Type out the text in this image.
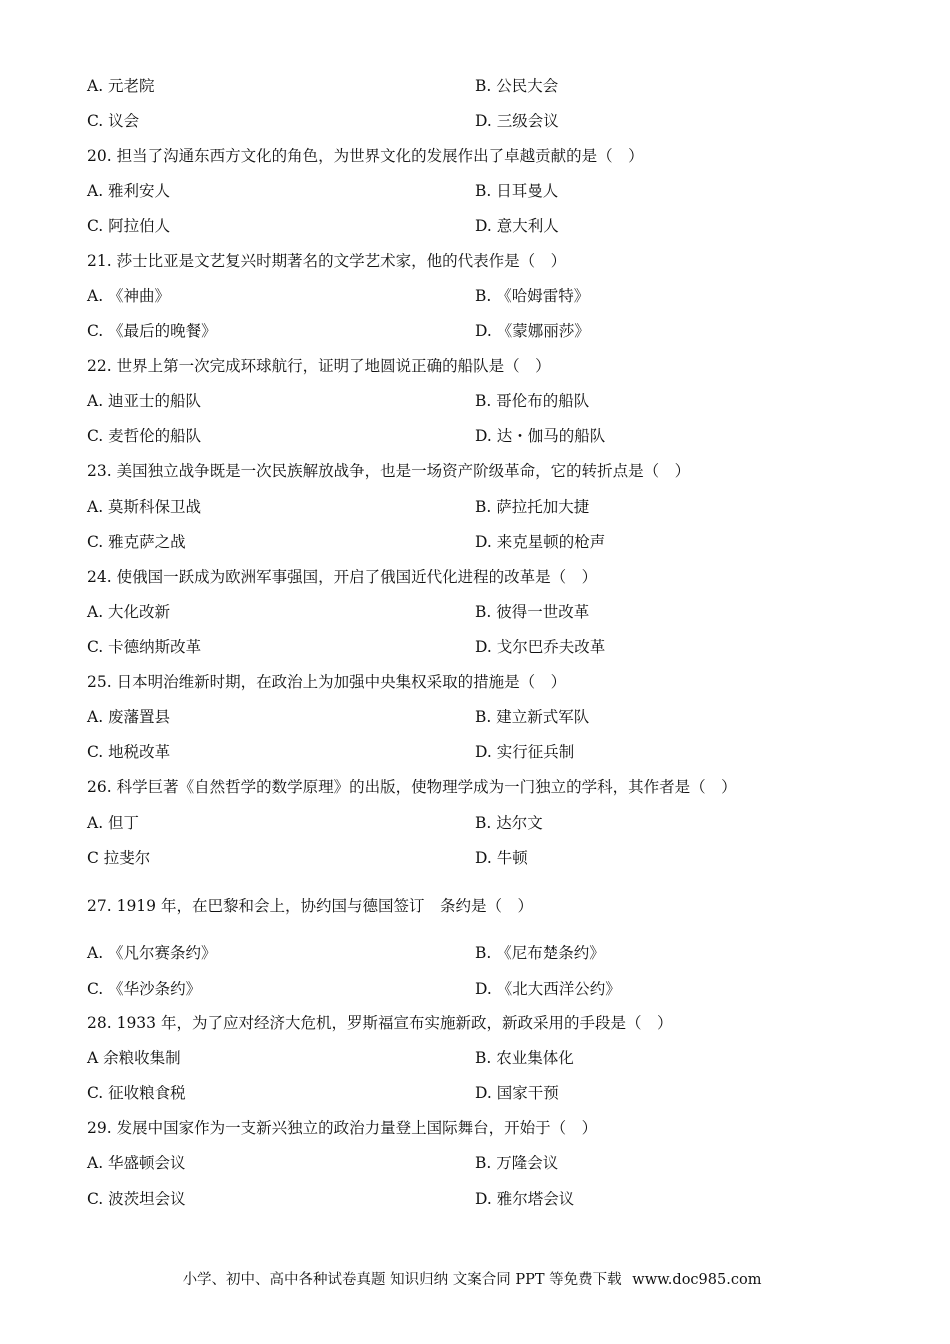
A. 元老院	B. 公民大会
C. 议会	D. 三级会议
20. 担当了沟通东西方文化的角色，为世界文化的发展作出了卓越贡献的是（　）
A. 雅利安人	B. 日耳曼人
C. 阿拉伯人	D. 意大利人
21. 莎士比亚是文艺复兴时期著名的文学艺术家，他的代表作是（　）
A. 《神曲》	B. 《哈姆雷特》
C. 《最后的晚餐》	D. 《蒙娜丽莎》
22. 世界上第一次完成环球航行，证明了地圆说正确的船队是（　）
A. 迪亚士的船队	B. 哥伦布的船队
C. 麦哲伦的船队	D. 达・伽马的船队
23. 美国独立战争既是一次民族解放战争，也是一场资产阶级革命，它的转折点是（　）
A. 莫斯科保卫战	B. 萨拉托加大捷
C. 雅克萨之战	D. 来克星顿的枪声
24. 使俄国一跃成为欧洲军事强国，开启了俄国近代化进程的改革是（　）
A. 大化改新	B. 彼得一世改革
C. 卡德纳斯改革	D. 戈尔巴乔夫改革
25. 日本明治维新时期，在政治上为加强中央集权采取的措施是（　）
A. 废藩置县	B. 建立新式军队
C. 地税改革	D. 实行征兵制
26. 科学巨著《自然哲学的数学原理》的出版，使物理学成为一门独立的学科，其作者是（　）
A. 但丁	B. 达尔文
C 拉斐尔	D. 牛顿
27. 1919 年，在巴黎和会上，协约国与德国签订　条约是（　）
A. 《凡尔赛条约》	B. 《尼布楚条约》
C. 《华沙条约》	D. 《北大西洋公约》
28. 1933 年，为了应对经济大危机，罗斯福宣布实施新政，新政采用的手段是（　）
A 余粮收集制	B. 农业集体化
C. 征收粮食税	D. 国家干预
29. 发展中国家作为一支新兴独立的政治力量登上国际舞台，开始于（　）
A. 华盛顿会议	B. 万隆会议
C. 波茨坦会议	D. 雅尔塔会议
小学、初中、高中各种试卷真题 知识归纳 文案合同 PPT 等免费下载 www.doc985.com
